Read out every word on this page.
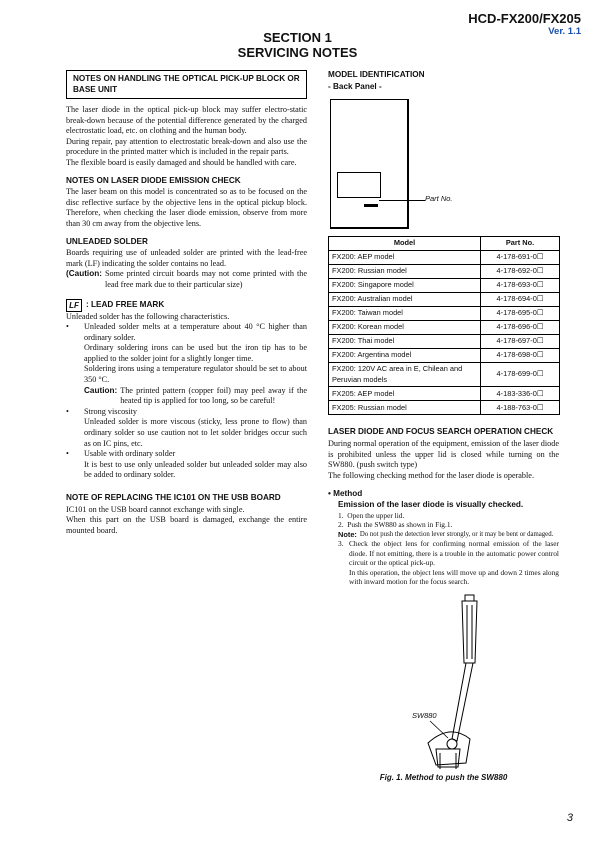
HCD-FX200/FX205
Ver. 1.1
SECTION 1
SERVICING NOTES
NOTES ON HANDLING THE OPTICAL PICK-UP BLOCK OR BASE UNIT

The laser diode in the optical pick-up block may suffer electro-static break-down because of the potential difference generated by the charged electrostatic load, etc. on clothing and the human body.

During repair, pay attention to electrostatic break-down and also use the procedure in the printed matter which is included in the repair parts.

The flexible board is easily damaged and should be handled with care.

NOTES ON LASER DIODE EMISSION CHECK

The laser beam on this model is concentrated so as to be focused on the disc reflective surface by the objective lens in the optical pickup block. Therefore, when checking the laser diode emission, observe from more than 30 cm away from the objective lens.

UNLEADED SOLDER

Boards requiring use of unleaded solder are printed with the lead-free mark (LF) indicating the solder contains no lead.

(Caution: Some printed circuit boards may not come printed with the lead free mark due to their particular size)
LF : LEAD FREE MARK

Unleaded solder has the following characteristics.

•	Unleaded solder melts at a temperature about 40 °C higher than ordinary solder.
Ordinary soldering irons can be used but the iron tip has to be applied to the solder joint for a slightly longer time.
Soldering irons using a temperature regulator should be set to about 350 °C.
Caution: The printed pattern (copper foil) may peel away if the heated tip is applied for too long, so be careful!
•	Strong viscosity
Unleaded solder is more viscous (sticky, less prone to flow) than ordinary solder so use caution not to let solder bridges occur such as on IC pins, etc.
•	Usable with ordinary solder
It is best to use only unleaded solder but unleaded solder may also be added to ordinary solder.
NOTE OF REPLACING THE IC101 ON THE USB BOARD

IC101 on the USB board cannot exchange with single.

When this part on the USB board is damaged, exchange the entire mounted board.

MODEL IDENTIFICATION
- Back Panel -
Part No.
Model	Part No.
FX200: AEP model	4-178-691-0☐
FX200: Russian model	4-178-692-0☐
FX200: Singapore model	4-178-693-0☐
FX200: Australian model	4-178-694-0☐
FX200: Taiwan model	4-178-695-0☐
FX200: Korean model	4-178-696-0☐
FX200: Thai model	4-178-697-0☐
FX200: Argentina model	4-178-698-0☐
FX200: 120V AC area in E, Chilean and Peruvian models	4-178-699-0☐
FX205: AEP model	4-183-336-0☐
FX205: Russian model	4-188-763-0☐
LASER DIODE AND FOCUS SEARCH OPERATION CHECK

During normal operation of the equipment, emission of the laser diode is prohibited unless the upper lid is closed while turning on the SW880. (push switch type)

The following checking method for the laser diode is operable.

• Method
Emission of the laser diode is visually checked.
1.  Open the upper lid.
2.  Push the SW880 as shown in Fig.1.
Note: Do not push the detection lever strongly, or it may be bent or damaged.
3. Check the object lens for confirming normal emission of the laser diode. If not emitting, there is a trouble in the automatic power control circuit or the optical pick-up.
In this operation, the object lens will move up and down 2 times along with inward motion for the focus search.
SW880
Fig. 1. Method to push the SW880
3
